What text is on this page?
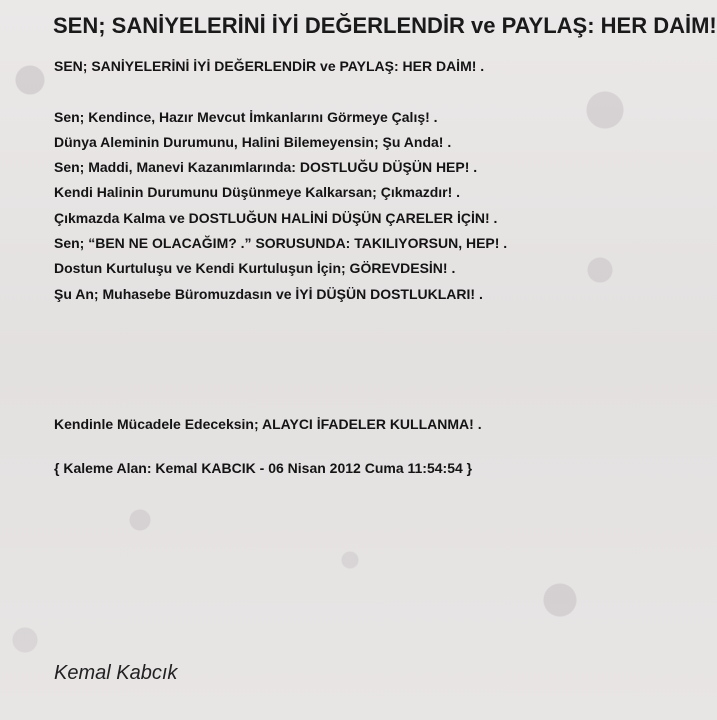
SEN; SANİYELERİNİ İYİ DEĞERLENDİR ve PAYLAŞ: HER DAİM!

SEN; SANİYELERİNİ İYİ DEĞERLENDİR ve PAYLAŞ: HER DAİM! .

Sen; Kendince, Hazır Mevcut İmkanlarını Görmeye Çalış! .

Dünya Aleminin Durumunu, Halini Bilemeyensin; Şu Anda! .

Sen; Maddi, Manevi Kazanımlarında: DOSTLUĞU DÜŞÜN HEP! .

Kendi Halinin Durumunu Düşünmeye Kalkarsan; Çıkmazdır! .

Çıkmazda Kalma ve DOSTLUĞUN HALİNİ DÜŞÜN ÇARELER İÇİN! .

Sen; “BEN NE OLACAĞIM? .” SORUSUNDA: TAKILIYORSUN, HEP! .

Dostun Kurtuluşu ve Kendi Kurtuluşun İçin; GÖREVDESİN! .

Şu An; Muhasebe Büromuzdasın ve İYİ DÜŞÜN DOSTLUKLARI! .

Kendinle Mücadele Edeceksin; ALAYCI İFADELER KULLANMA! .

{ Kaleme Alan: Kemal KABCIK - 06 Nisan 2012 Cuma 11:54:54 }

Kemal Kabcık
